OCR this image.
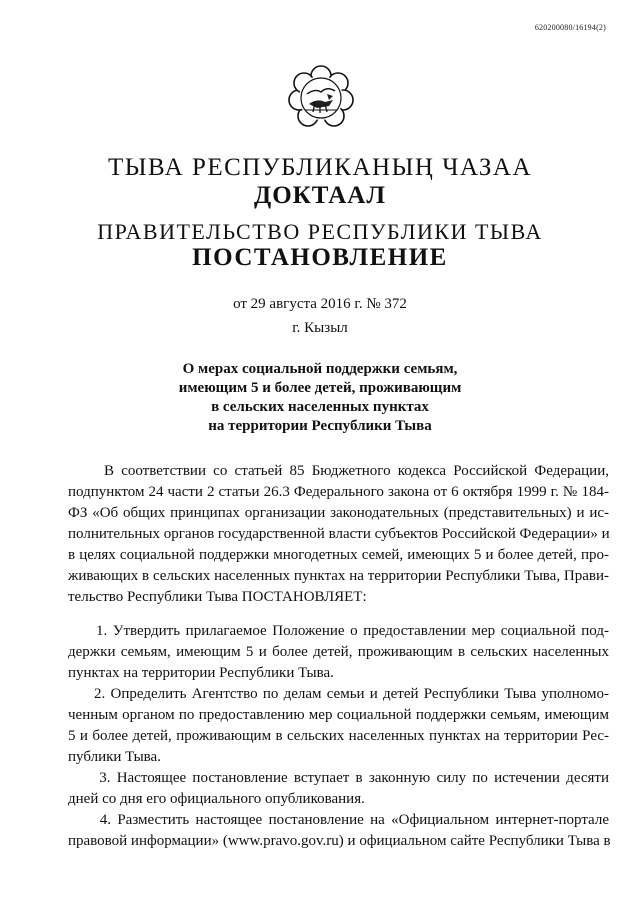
620200080/16194(2)
ТЫВА РЕСПУБЛИКАНЫҢ ЧАЗАА
ДОКТААЛ
ПРАВИТЕЛЬСТВО РЕСПУБЛИКИ ТЫВА
ПОСТАНОВЛЕНИЕ
от 29 августа 2016 г. № 372
г. Кызыл
О мерах социальной поддержки семьям,
имеющим 5 и более детей, проживающим
в сельских населенных пунктах
на территории Республики Тыва
В соответствии со статьей 85 Бюджетного кодекса Российской Федерации,
подпунктом 24 части 2 статьи 26.3 Федерального закона от 6 октября 1999 г. № 184-
ФЗ «Об общих принципах организации законодательных (представительных) и ис-
полнительных органов государственной власти субъектов Российской Федерации» и
в целях социальной поддержки многодетных семей, имеющих 5 и более детей, про-
живающих в сельских населенных пунктах на территории Республики Тыва, Прави-
тельство Республики Тыва ПОСТАНОВЛЯЕТ:
1. Утвердить прилагаемое Положение о предоставлении мер социальной под-
держки семьям, имеющим 5 и более детей, проживающим в сельских населенных
пунктах на территории Республики Тыва.
2. Определить Агентство по делам семьи и детей Республики Тыва уполномо-
ченным органом по предоставлению мер социальной поддержки семьям, имеющим
5 и более детей, проживающим в сельских населенных пунктах на территории Рес-
публики Тыва.
3. Настоящее постановление вступает в законную силу по истечении десяти
дней со дня его официального опубликования.
4. Разместить настоящее постановление на «Официальном интернет-портале
правовой информации» (www.pravo.gov.ru) и официальном сайте Республики Тыва в
